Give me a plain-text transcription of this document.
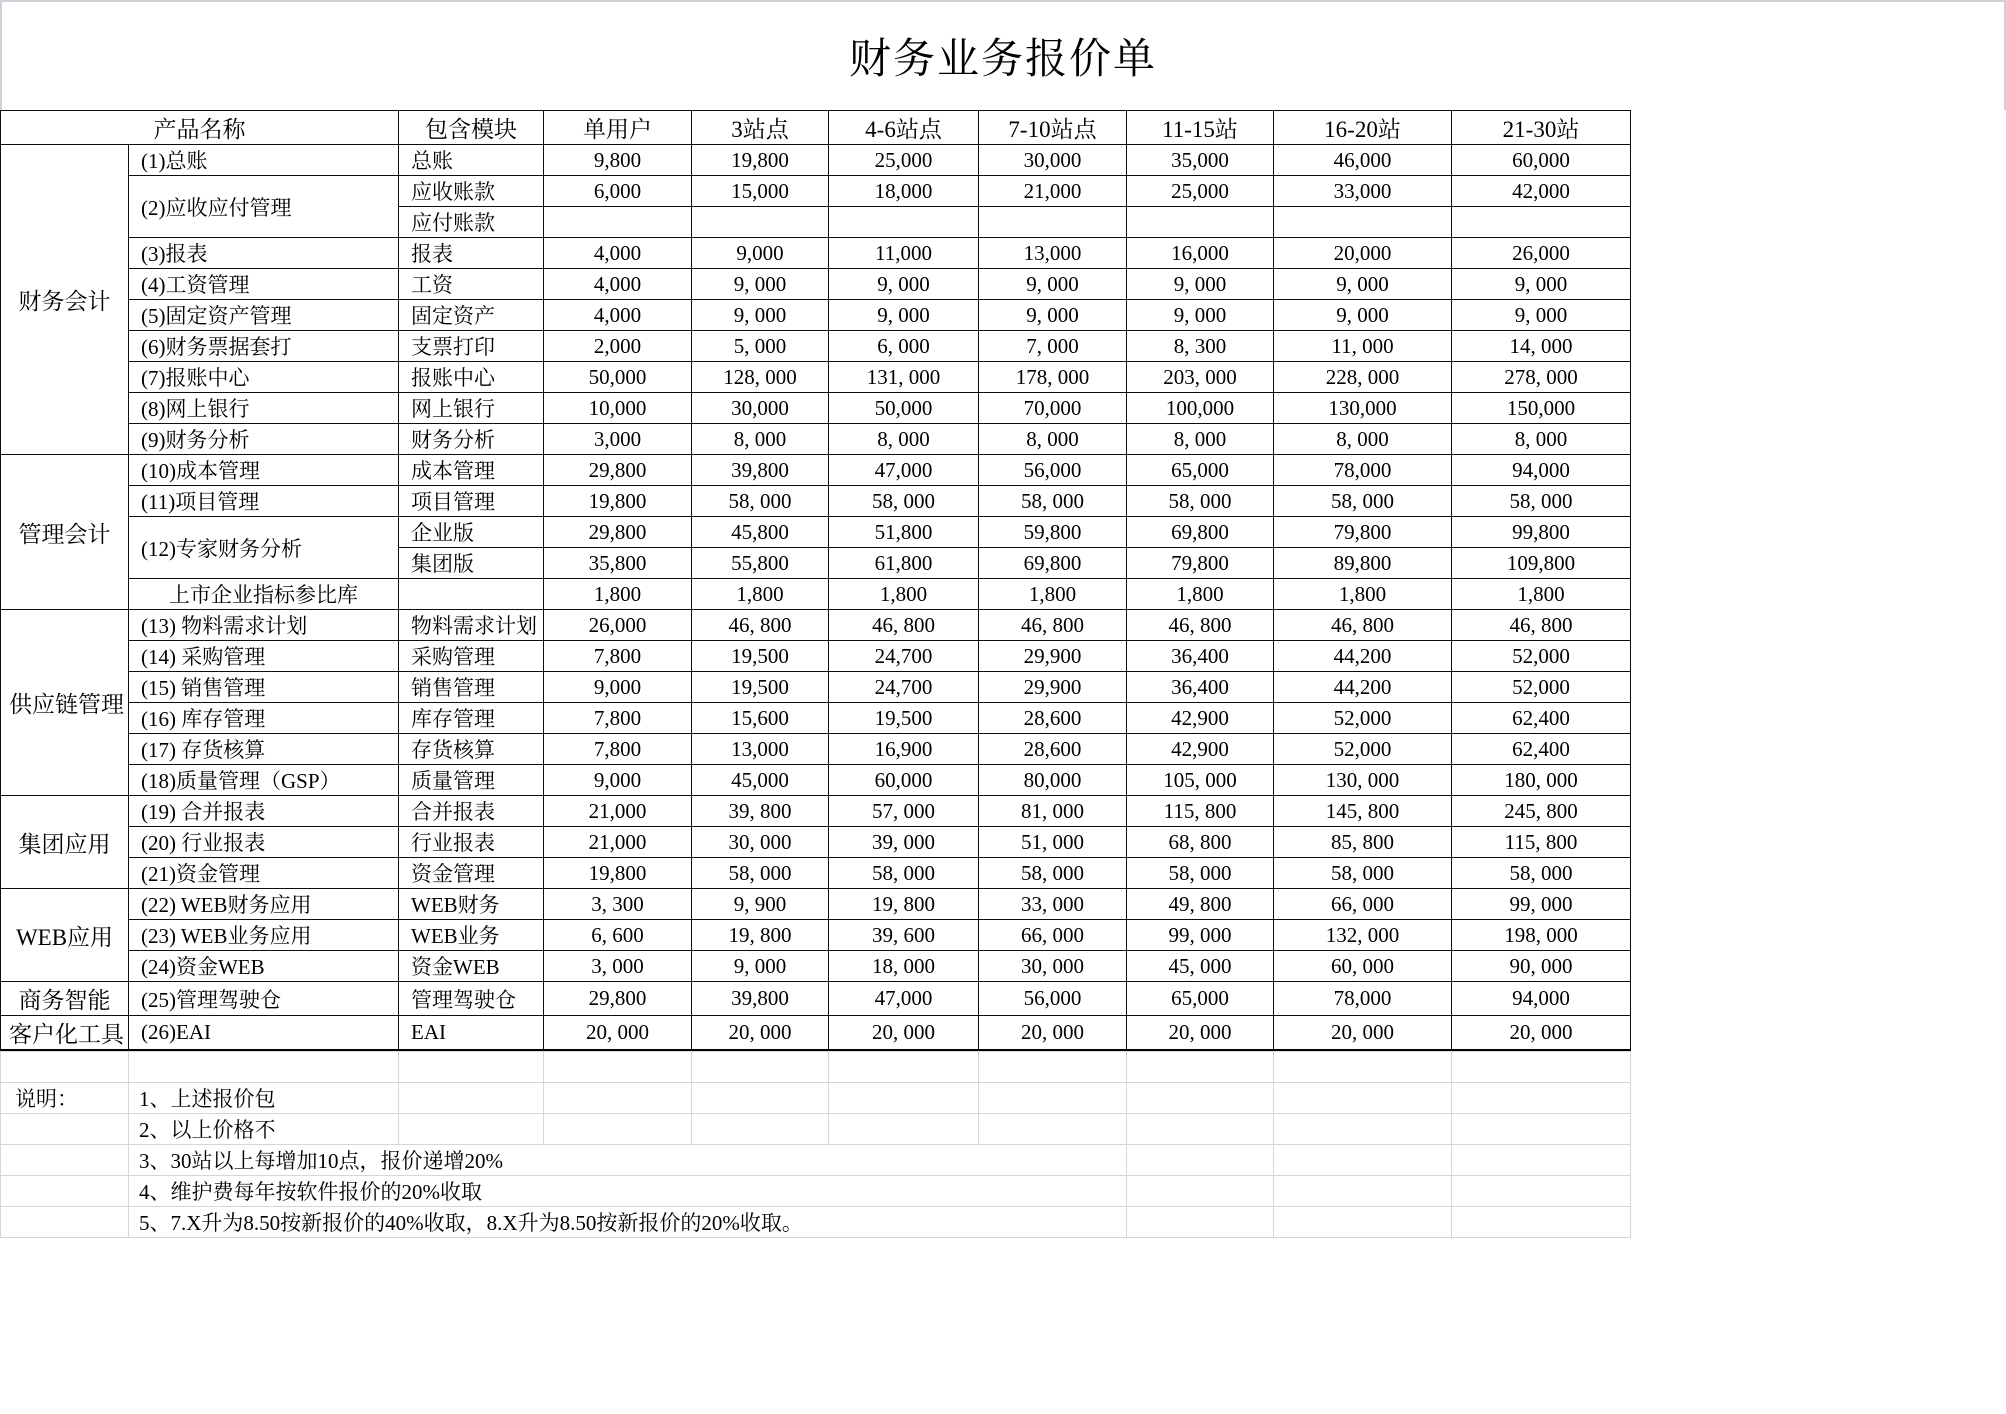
财务业务报价单
产品名称		包含模块	单用户	3站点	4-6站点	7-10站点	11-15站	16-20站	21-30站	
财务会计	(1)总账	总账	9,800	19,800	25,000	30,000	35,000	46,000	60,000	
	(2)应收应付管理	应收账款	6,000	15,000	18,000	21,000	25,000	33,000	42,000	
		应付账款								
	(3)报表	报表	4,000	9,000	11,000	13,000	16,000	20,000	26,000	
	(4)工资管理	工资	4,000	9, 000	9, 000	9, 000	9, 000	9, 000	9, 000	
	(5)固定资产管理	固定资产	4,000	9, 000	9, 000	9, 000	9, 000	9, 000	9, 000	
	(6)财务票据套打	支票打印	2,000	5, 000	6, 000	7, 000	8, 300	11, 000	14, 000	
	(7)报账中心	报账中心	50,000	128, 000	131, 000	178, 000	203, 000	228, 000	278, 000	
	(8)网上银行	网上银行	10,000	30,000	50,000	70,000	100,000	130,000	150,000	
	(9)财务分析	财务分析	3,000	8, 000	8, 000	8, 000	8, 000	8, 000	8, 000	
管理会计	(10)成本管理	成本管理	29,800	39,800	47,000	56,000	65,000	78,000	94,000	
	(11)项目管理	项目管理	19,800	58, 000	58, 000	58, 000	58, 000	58, 000	58, 000	
	(12)专家财务分析	企业版	29,800	45,800	51,800	59,800	69,800	79,800	99,800	
		集团版	35,800	55,800	61,800	69,800	79,800	89,800	109,800	
	上市企业指标参比库		1,800	1,800	1,800	1,800	1,800	1,800	1,800	
供应链管理	(13) 物料需求计划	物料需求计划	26,000	46, 800	46, 800	46, 800	46, 800	46, 800	46, 800	
	(14) 采购管理	采购管理	7,800	19,500	24,700	29,900	36,400	44,200	52,000	
	(15) 销售管理	销售管理	9,000	19,500	24,700	29,900	36,400	44,200	52,000	
	(16) 库存管理	库存管理	7,800	15,600	19,500	28,600	42,900	52,000	62,400	
	(17) 存货核算	存货核算	7,800	13,000	16,900	28,600	42,900	52,000	62,400	
	(18)质量管理（GSP）	质量管理	9,000	45,000	60,000	80,000	105, 000	130, 000	180, 000	
集团应用	(19) 合并报表	合并报表	21,000	39, 800	57, 000	81, 000	115, 800	145, 800	245, 800	
	(20) 行业报表	行业报表	21,000	30, 000	39, 000	51, 000	68, 800	85, 800	115, 800	
	(21)资金管理	资金管理	19,800	58, 000	58, 000	58, 000	58, 000	58, 000	58, 000	
WEB应用	(22) WEB财务应用	WEB财务	3, 300	9, 900	19, 800	33, 000	49, 800	66, 000	99, 000	
	(23) WEB业务应用	WEB业务	6, 600	19, 800	39, 600	66, 000	99, 000	132, 000	198, 000	
	(24)资金WEB	资金WEB	3, 000	9, 000	18, 000	30, 000	45, 000	60, 000	90, 000	
商务智能	(25)管理驾驶仓	管理驾驶仓	29,800	39,800	47,000	56,000	65,000	78,000	94,000	
客户化工具	(26)EAI	EAI	20, 000	20, 000	20, 000	20, 000	20, 000	20, 000	20, 000	

说明：	1、上述报价包									
	2、以上价格不									
	3、30站以上每增加10点，报价递增20%									
	4、维护费每年按软件报价的20%收取									
	5、7.X升为8.50按新报价的40%收取，8.X升为8.50按新报价的20%收取。									
